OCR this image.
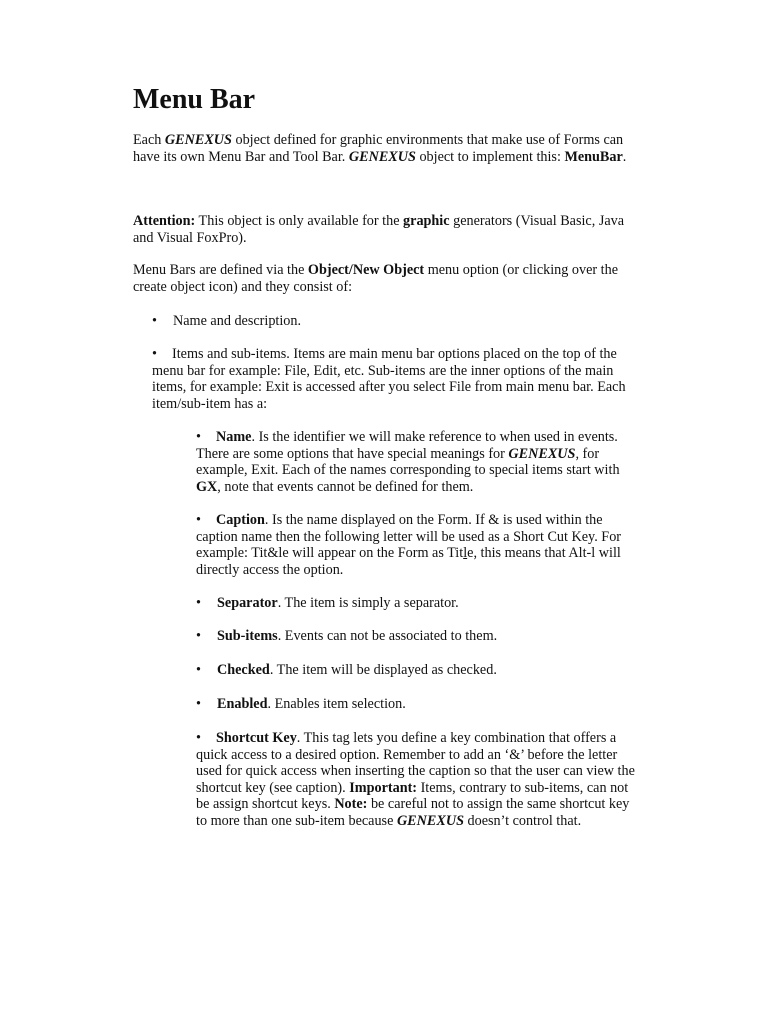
Menu Bar

Each GENEXUS object defined for graphic environments that make use of Forms can have its own Menu Bar and Tool Bar. GENEXUS object to implement this: MenuBar.

Attention: This object is only available for the graphic generators (Visual Basic, Java and Visual FoxPro).

Menu Bars are defined via the Object/New Object menu option (or clicking over the create object icon) and they consist of:

• Name and description.

• Items and sub-items. Items are main menu bar options placed on the top of the menu bar for example: File, Edit, etc. Sub-items are the inner options of the main items, for example: Exit is accessed after you select File from main menu bar. Each item/sub-item has a:

• Name. Is the identifier we will make reference to when used in events. There are some options that have special meanings for GENEXUS, for example, Exit. Each of the names corresponding to special items start with GX, note that events cannot be defined for them.

• Caption. Is the name displayed on the Form. If & is used within the caption name then the following letter will be used as a Short Cut Key. For example: Tit&le will appear on the Form as Title, this means that Alt-l will directly access the option.

• Separator. The item is simply a separator.

• Sub-items. Events can not be associated to them.

• Checked. The item will be displayed as checked.

• Enabled. Enables item selection.

• Shortcut Key. This tag lets you define a key combination that offers a quick access to a desired option. Remember to add an ‘&’ before the letter used for quick access when inserting the caption so that the user can view the shortcut key (see caption). Important: Items, contrary to sub-items, can not be assign shortcut keys. Note: be careful not to assign the same shortcut key to more than one sub-item because GENEXUS doesn’t control that.
